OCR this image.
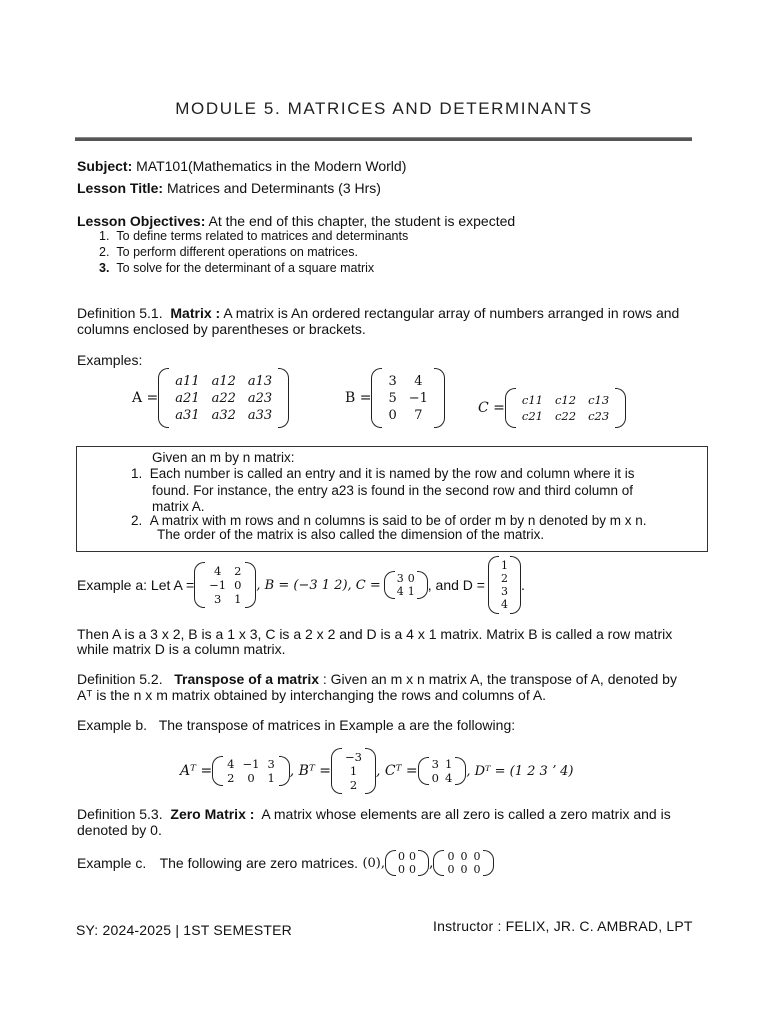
MODULE 5. MATRICES AND DETERMINANTS
Subject: MAT101(Mathematics in the Modern World)
Lesson Title: Matrices and Determinants (3 Hrs)
Lesson Objectives: At the end of this chapter, the student is expected
1. To define terms related to matrices and determinants
2. To perform different operations on matrices.
3. To solve for the determinant of a square matrix
Definition 5.1. Matrix : A matrix is An ordered rectangular array of numbers arranged in rows and
columns enclosed by parentheses or brackets.
Examples:
A =
a11	a12	a13
a21	a22	a23
a31	a32	a33
B =
3	4
5	−1
0	7	C = c11	c12	c13
c21	c22	c23
Given an m by n matrix:
1.  Each number is called an entry and it is named by the row and column where it is
found. For instance, the entry a23 is found in the second row and third column of
matrix A.
2.  A matrix with m rows and n columns is said to be of order m by n denoted by m x n.
The order of the matrix is also called the dimension of the matrix.
Example a: Let A =
4	2
−1	0
3	1
, B = (−3 1 2), C = 3	0
4	1 , and D =
1
2
3
4
.
Then A is a 3 x 2, B is a 1 x 3, C is a 2 x 2 and D is a 4 x 1 matrix. Matrix B is called a row matrix
while matrix D is a column matrix.
Definition 5.2. Transpose of a matrix : Given an m x n matrix A, the transpose of A, denoted by
Aᵀ is the n x m matrix obtained by interchanging the rows and columns of A.
Example b. The transpose of matrices in Example a are the following:
Aᵀ = 4	−1	3
2	0	1 , Bᵀ =
−3
1
2
, Cᵀ = 3	1
0	4 , Dᵀ = (1 2 3 ʼ 4)
Definition 5.3. Zero Matrix : A matrix whose elements are all zero is called a zero matrix and is
denoted by 0.
Example c.
The following are zero matrices.
(0), 0	0
0	0 , 0	0	0
0	0	0
SY: 2024-2025 | 1ST SEMESTER	Instructor : FELIX, JR. C. AMBRAD, LPT
